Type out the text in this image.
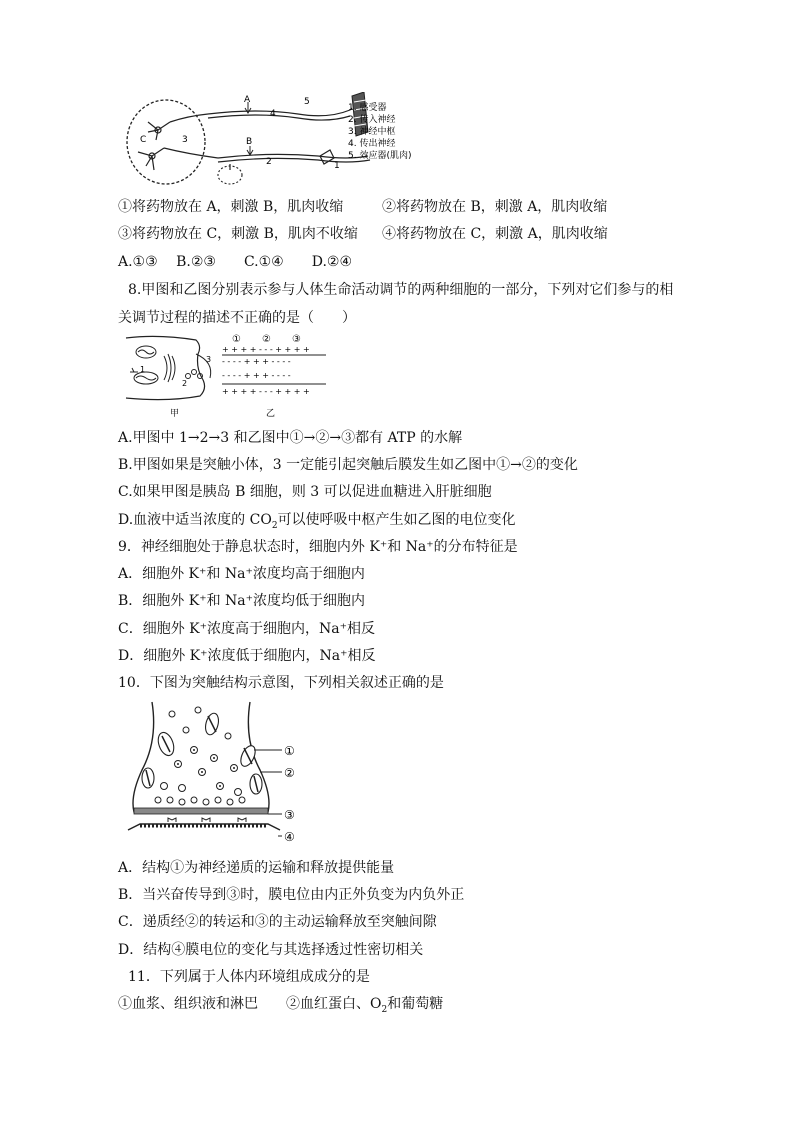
A
B
C	3
4
2
5
1
1. 感受器
2. 传入神经
3. 神经中枢
4. 传出神经
5. 效应器(肌肉)
①将药物放在 A，刺激 B，肌肉收缩	②将药物放在 B，刺激 A，肌肉收缩
③将药物放在 C，刺激 B，肌肉不收缩 ④将药物放在 C，刺激 A，肌肉收缩
A.①③　 B.②③　　C.①④　　D.②④
8.甲图和乙图分别表示参与人体生命活动调节的两种细胞的一部分，下列对它们参与的相
关调节过程的描述不正确的是（　　）
1
2
3
甲
① ② ③
+ + + + - - - + + + +
- - - - + + + - - - -
- - - - + + + - - - -
+ + + + - - - + + + +
乙
A.甲图中 1→2→3 和乙图中①→②→③都有 ATP 的水解
B.甲图如果是突触小体，3 一定能引起突触后膜发生如乙图中①→②的变化
C.如果甲图是胰岛 B 细胞，则 3 可以促进血糖进入肝脏细胞
D.血液中适当浓度的 $CO_2$可以使呼吸中枢产生如乙图的电位变化
9．神经细胞处于静息状态时，细胞内外 K⁺和 Na⁺的分布特征是
A．细胞外 K⁺和 Na⁺浓度均高于细胞内
B．细胞外 K⁺和 Na⁺浓度均低于细胞内
C．细胞外 K⁺浓度高于细胞内，Na⁺相反
D．细胞外 K⁺浓度低于细胞内，Na⁺相反
10．下图为突触结构示意图，下列相关叙述正确的是
①
②
③
④
A．结构①为神经递质的运输和释放提供能量
B．当兴奋传导到③时，膜电位由内正外负变为内负外正
C．递质经②的转运和③的主动运输释放至突触间隙
D．结构④膜电位的变化与其选择透过性密切相关
11．下列属于人体内环境组成成分的是
①血浆、组织液和淋巴 ②血红蛋白、$O_2$和葡萄糖
